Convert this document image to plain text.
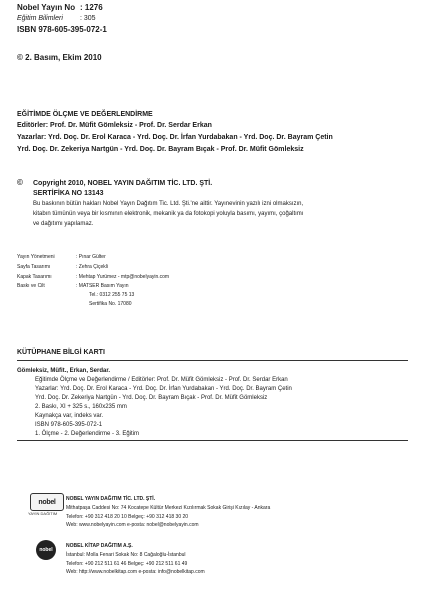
Nobel Yayın No : 1276
Eğitim Bilimleri : 305
ISBN 978-605-395-072-1
© 2. Basım, Ekim 2010
EĞİTİMDE ÖLÇME VE DEĞERLENDİRME
Editörler: Prof. Dr. Müfit Gömleksiz - Prof. Dr. Serdar Erkan
Yazarlar: Yrd. Doç. Dr. Erol Karaca - Yrd. Doç. Dr. İrfan Yurdabakan - Yrd. Doç. Dr. Bayram Çetin
Yrd. Doç. Dr. Zekeriya Nartgün - Yrd. Doç. Dr. Bayram Bıçak - Prof. Dr. Müfit Gömleksiz
© Copyright 2010, NOBEL YAYIN DAĞITIM TİC. LTD. ŞTİ.
SERTİFİKA NO 13143
Bu baskının bütün hakları Nobel Yayın Dağıtım Tic. Ltd. Şti.'ne aittir. Yayınevinin yazılı izni olmaksızın,
kitabın tümünün veya bir kısmının elektronik, mekanik ya da fotokopi yoluyla basımı, yayımı, çoğaltımı
ve dağıtımı yapılamaz.
Yayın Yönetmeni	: Pınar Gülter
Sayfa Tasarımı	: Zehra Çiçekli
Kapak Tasarımı	: Mehtap Yurümez - mtp@nobelyayin.com
Baskı ve Cilt	: MATSER Basım Yayın
Tel.: 0312 255 75 13
Sertifika No. 17080
KÜTÜPHANE BİLGİ KARTI
Gömleksiz, Müfit., Erkan, Serdar.
Eğitimde Ölçme ve Değerlendirme / Editörler: Prof. Dr. Müfit Gömleksiz - Prof. Dr. Serdar Erkan
Yazarlar: Yrd. Doç. Dr. Erol Karaca - Yrd. Doç. Dr. İrfan Yurdabakan - Yrd. Doç. Dr. Bayram Çetin
Yrd. Doç. Dr. Zekeriya Nartgün - Yrd. Doç. Dr. Bayram Bıçak - Prof. Dr. Müfit Gömleksiz
2. Baskı, XI + 325 s., 160x235 mm
Kaynakça var, indeks var.
ISBN 978-605-395-072-1
1. Ölçme - 2. Değerlendirme - 3. Eğitim
nobel
YAYIN DAĞITIM
NOBEL YAYIN DAĞITIM TİC. LTD. ŞTİ.
Mithatpaşa Caddesi No: 74 Kocatepe Kültür Merkezi Kızılırmak Sokak Girişi Kızılay - Ankara
Telefon: +90 312 418 20 10 Belgeç: +90 312 418 30 20
Web: www.nobelyayin.com e-posta: nobel@nobelyayin.com
nobel
NOBEL KİTAP DAĞITIM A.Ş.
İstanbul: Molla Fenari Sokak No: 8 Cağaloğlu-İstanbul
Telefon: +90 212 511 61 46 Belgeç: +90 212 511 61 49
Web: http://www.nobelkitap.com e-posta: info@nobelkitap.com
